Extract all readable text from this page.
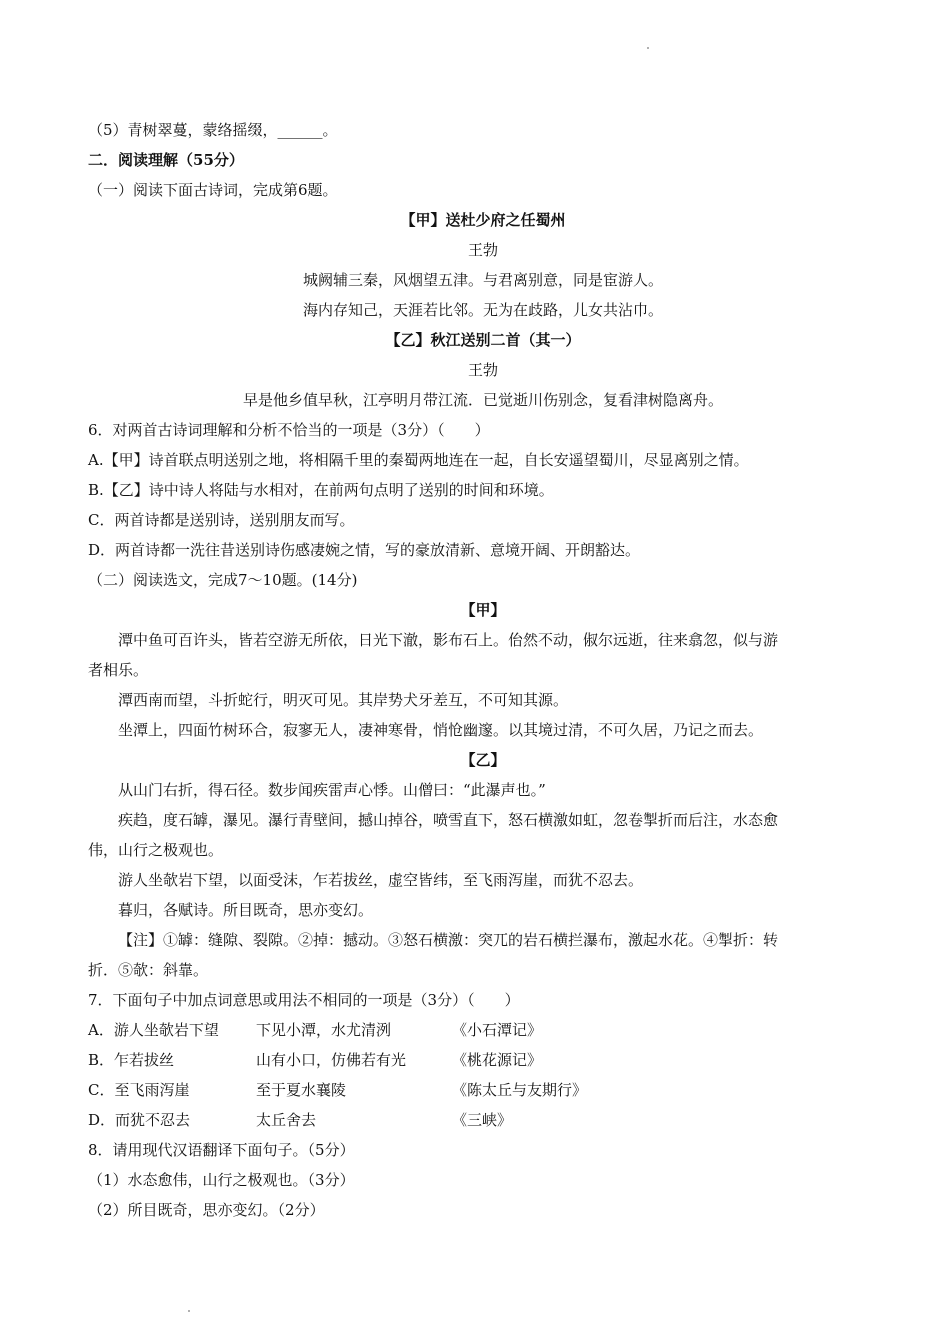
（5）青树翠蔓，蒙络摇缀，______。
二．阅读理解（55分）
（一）阅读下面古诗词，完成第6题。
【甲】送杜少府之任蜀州
王勃
城阙辅三秦，风烟望五津。与君离别意，同是宦游人。
海内存知己，天涯若比邻。无为在歧路，儿女共沾巾。
【乙】秋江送别二首（其一）
王勃
早是他乡值早秋，江亭明月带江流．已觉逝川伤别念，复看津树隐离舟。
6．对两首古诗词理解和分析不恰当的一项是（3分）（　　）
A.【甲】诗首联点明送别之地，将相隔千里的秦蜀两地连在一起，自长安遥望蜀川，尽显离别之情。
B.【乙】诗中诗人将陆与水相对，在前两句点明了送别的时间和环境。
C．两首诗都是送别诗，送别朋友而写。
D．两首诗都一洗往昔送别诗伤感凄婉之情，写的豪放清新、意境开阔、开朗豁达。
（二）阅读选文，完成7～10题。(14分)
【甲】
潭中鱼可百许头，皆若空游无所依，日光下澈，影布石上。佁然不动，俶尔远逝，往来翕忽，似与游
者相乐。
潭西南而望，斗折蛇行，明灭可见。其岸势犬牙差互，不可知其源。
坐潭上，四面竹树环合，寂寥无人，凄神寒骨，悄怆幽邃。以其境过清，不可久居，乃记之而去。
【乙】
从山门右折，得石径。数步闻疾雷声心悸。山僧曰：“此瀑声也。”
疾趋，度石罅，瀑见。瀑行青壁间，撼山掉谷，喷雪直下，怒石横激如虹，忽卷掣折而后注，水态愈
伟，山行之极观也。
游人坐欹岩下望，以面受沫，乍若拔丝，虚空皆纬，至飞雨泻崖，而犹不忍去。
暮归，各赋诗。所目既奇，思亦变幻。
【注】①罅：缝隙、裂隙。②掉：撼动。③怒石横激：突兀的岩石横拦瀑布，激起水花。④掣折：转
折．⑤欹：斜靠。
7．下面句子中加点词意思或用法不相同的一项是（3分）（　　）
A．游人坐欹岩下望 下见小潭，水尤清洌	《小石潭记》
B．乍若拔丝	山有小口，仿佛若有光	《桃花源记》
C．至飞雨泻崖	至于夏水襄陵	《陈太丘与友期行》
D．而犹不忍去	太丘舍去	《三峡》
8．请用现代汉语翻译下面句子。（5分）
（1）水态愈伟，山行之极观也。（3分）
（2）所目既奇，思亦变幻。（2分）
